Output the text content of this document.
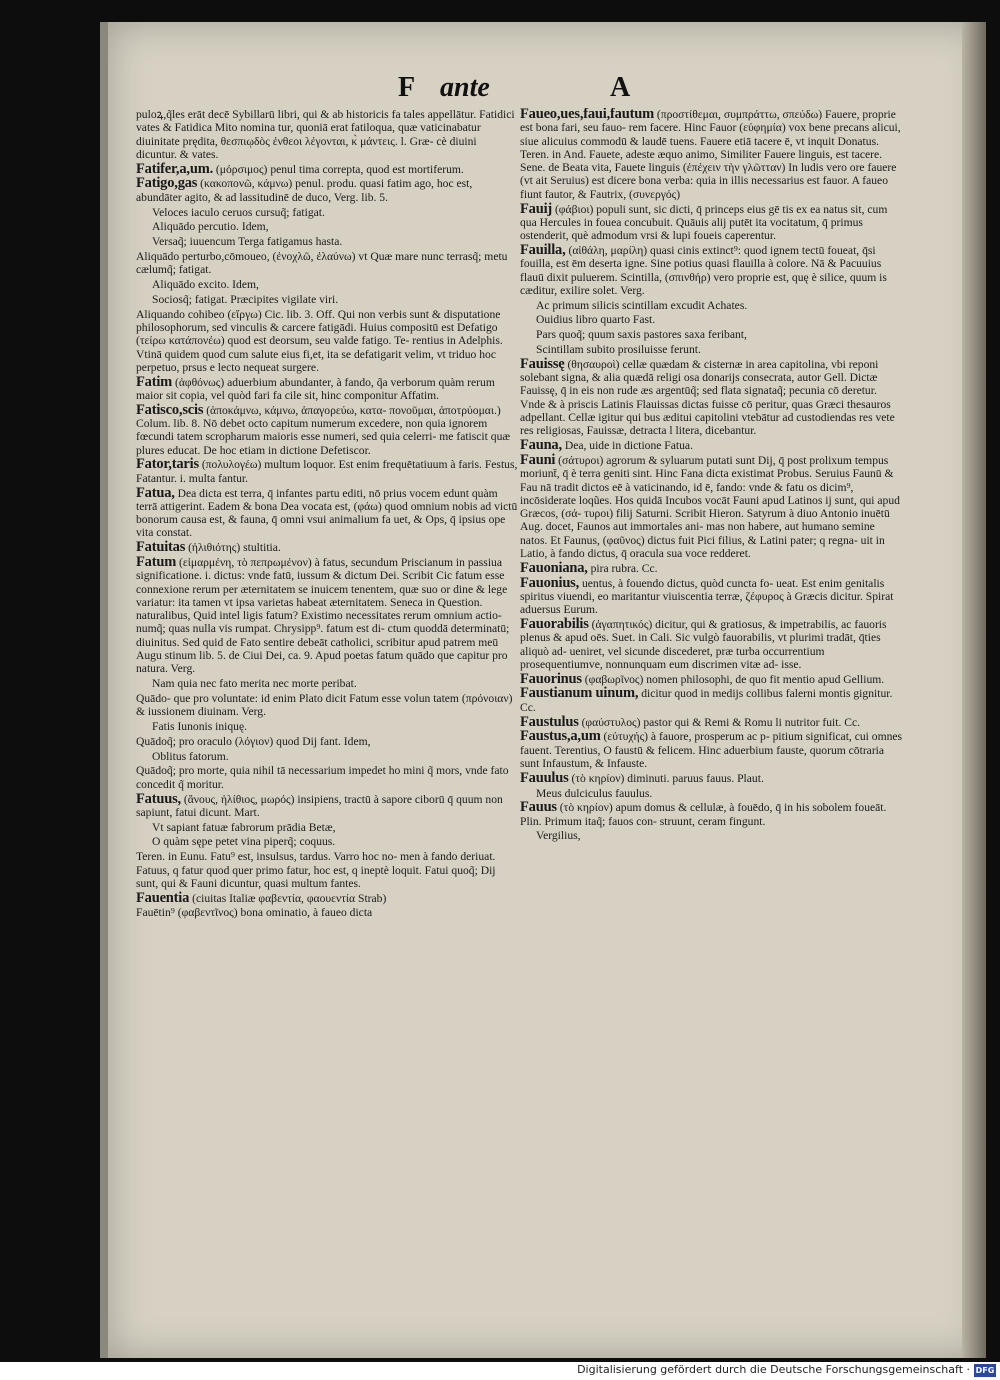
F ante	A

puloꝝ,q̃les erāt decē Sybillarū libri, qui & ab historicis fa tales appellātur. Fatidici vates & Fatidica Mito nomina tur, quoniā erat fatiloqua, quæ vaticinabatur diuinitate prędita, θεσπιῳδὸς ἐνθεοι λέγονται, κ̀ μάντεις. l. Græ- cè diuini dicuntur. & vates.

Fatifer,a,um. (μόρσιμος) penul tima correpta, quod est mortiferum.

Fatigo,gas (κακοπονῶ, κάμνω) penul. produ. quasi fatim ago, hoc est, abundāter agito, & ad lassitudinē de duco, Verg. lib. 5.

Veloces iaculo ceruos cursuq̃; fatigat.

Aliquādo percutio. Idem,

Versaq̃; iuuencum Terga fatigamus hasta.

Aliquādo perturbo,cōmoueo, (ἐνοχλῶ, ἐλαύνω) vt Quæ mare nunc terrasq̃; metu cælumq̃; fatigat.

Aliquādo excito. Idem,

Sociosq̃; fatigat. Præcipites vigilate viri.

Aliquando cohibeo (εἴργω) Cic. lib. 3. Off. Qui non verbis sunt & disputatione philosophorum, sed vinculis & carcere fatigādi. Huius compositū est Defatigo (τείρω κατάπονέω) quod est deorsum, seu valde fatigo. Te- rentius in Adelphis. Vtinā quidem quod cum salute eius fi,et, ita se defatigarit velim, vt triduo hoc perpetuo, prsus e lecto nequeat surgere.

Fatim (ἀφθόνως) aduerbium abundanter, à fando, q̃a verborum quàm rerum maior sit copia, vel quòd fari fa cile sit, hinc componitur Affatim.

Fatisco,scis (ἀποκάμνω, κάμνω, ἀπαγορεύω, κατα- πονοῦμαι, ἀποτρύομαι.) Colum. lib. 8. Nō debet octo capitum numerum excedere, non quia ignorem fœcundi tatem scropharum maioris esse numeri, sed quia celerri- me fatiscit quæ plures educat. De hoc etiam in dictione Defetiscor.

Fator,taris (πολυλογέω) multum loquor. Est enim frequētatiuum à faris. Festus, Fatantur. i. multa fantur.

Fatua, Dea dicta est terra, q̄ infantes partu editi, nō prius vocem edunt quàm terrā attigerint. Eadem & bona Dea vocata est, (φάω) quod omnium nobis ad victū bonorum causa est, & fauna, q̄ omni vsui animalium fa uet, & Ops, q̄ ipsius ope vita constat.

Fatuitas (ἠλιθιότης) stultitia.

Fatum (εἱμαρμένη, τὸ πεπρωμένον) à fatus, secundum Priscianum in passiua significatione. i. dictus: vnde fatū, iussum & dictum Dei. Scribit Cic fatum esse connexione rerum per æternitatem se inuicem tenentem, quæ suo or dine & lege variatur: ita tamen vt ipsa varietas habeat æternitatem. Seneca in Question. naturalibus, Quid intel ligis fatum? Existimo necessitates rerum omnium actio- numq̃; quas nulla vis rumpat. Chrysipp⁹. fatum est di- ctum quoddā determinatū; diuinitus. Sed quid de Fato sentire debeāt catholici, scribitur apud patrem meū Augu stinum lib. 5. de Ciui Dei, ca. 9. Apud poetas fatum quādo que capitur pro natura. Verg.

Nam quia nec fato merita nec morte peribat.

Quādo- que pro voluntate: id enim Plato dicit Fatum esse volun tatem (πρόνοιαν) & iussionem diuinam. Verg.

Fatis Iunonis iniquę.

Quādoq̃; pro oraculo (λόγιον) quod Dij fant. Idem,

Oblitus fatorum.

Quādoq̃; pro morte, quia nihil tā necessarium impedet ho mini q̃ mors, vnde fato concedit q̃ moritur.

Fatuus, (ἄνους, ἠλίθιος, μωρός) insipiens, tractū à sapore ciborū q̄ quum non sapiunt, fatui dicunt. Mart.

Vt sapiant fatuæ fabrorum prādia Betæ,

O quàm sępe petet vina piperq̃; coquus.

Teren. in Eunu. Fatu⁹ est, insulsus, tardus. Varro hoc no- men à fando deriuat. Fatuus, q fatur quod quer primo fatur, hoc est, q ineptè loquit. Fatui quoq̃; Dij sunt, qui & Fauni dicuntur, quasi multum fantes.

Fauentia (ciuitas Italiæ φαβεντία, φαουεντία Strab)

Fauētin⁹ (φαβεντῖνος) bona ominatio, à faueo dicta

Faueo,ues,faui,fautum (προστίθεμαι, συμπράττω, σπεύδω) Fauere, proprie est bona fari, seu fauo- rem facere. Hinc Fauor (εὐφημία) vox bene precans alicui, siue alicuius commodū & laudē tuens. Fauere etiā tacere ē, vt inquit Donatus. Teren. in And. Fauete, adeste æquo animo, Similiter Fauere linguis, est tacere. Sene. de Beata vita, Fauete linguis (ἐπέχειν τὴν γλῶτταν) In ludis vero ore fauere (vt ait Seruius) est dicere bona verba: quia in illis necessarius est fauor. A faueo fiunt fautor, & Fautrix, (συνεργός)

Fauij (φάβιοι) populi sunt, sic dicti, q̄ princeps eius gē tis ex ea natus sit, cum qua Hercules in fouea concubuit. Quāuis alij putēt ita vocitatum, q̄ primus ostenderit, què admodum vrsi & lupi foueis caperentur.

Fauilla, (αἰθάλη, μαρίλη) quasi cinis extinct⁹: quod ignem tectū foueat, q̄si fouilla, est ēm deserta igne. Sine potius quasi flauilla à colore. Nā & Pacuuius flauū dixit puluerem. Scintilla, (σπινθήρ) vero proprie est, quę è silice, quum is cæditur, exilire solet. Verg.

Ac primum silicis scintillam excudit Achates.

Ouidius libro quarto Fast.

Pars quoq̃; quum saxis pastores saxa feribant,

Scintillam subito prosiluisse ferunt.

Fauissę (θησαυροὶ) cellæ quædam & cisternæ in area capitolina, vbi reponi solebant signa, & alia quædā religi osa donarijs consecrata, autor Gell. Dictæ Fauissę, q̄ in eis non rude æs argentūq̃; sed flata signataq̃; pecunia cō deretur. Vnde & à priscis Latinis Flauissas dictas fuisse cō peritur, quas Græci thesauros adpellant. Cellæ igitur qui bus æditui capitolini vtebātur ad custodiendas res vete res religiosas, Fauissæ, detracta l litera, dicebantur.

Fauna, Dea, uide in dictione Fatua.

Fauni (σάτυροι) agrorum & syluarum putati sunt Dij, q̄ post prolixum tempus moriunt̄, q̄ è terra geniti sint. Hinc Fana dicta existimat Probus. Seruius Faunū & Fau nā tradit dictos eē à vaticinando, id ē, fando: vnde & fatu os dicim⁹, incōsiderate loqũes. Hos quidā Incubos vocāt Fauni apud Latinos ij sunt, qui apud Græcos, (σά- τυροι) filij Saturni. Scribit Hieron. Satyrum à diuo Antonio inuētū Aug. docet, Faunos aut immortales ani- mas non habere, aut humano semine natos. Et Faunus, (φαῦνος) dictus fuit Pici filius, & Latini pater; q regna- uit in Latio, à fando dictus, q̄ oracula sua voce redderet.

Fauoniana, pira rubra. Cc.

Fauonius, uentus, à fouendo dictus, quòd cuncta fo- ueat. Est enim genitalis spiritus viuendi, eo maritantur viuiscentia terræ, ζέφυρος à Græcis dicitur. Spirat aduersus Eurum.

Fauorabilis (ἀγαπητικός) dicitur, qui & gratiosus, & impetrabilis, ac fauoris plenus & apud oēs. Suet. in Cali. Sic vulgò fauorabilis, vt plurimi tradāt, q̄ties aliquò ad- ueniret, vel sicunde discederet, præ turba occurrentium prosequentiumve, nonnunquam eum discrimen vitæ ad- isse.

Fauorinus (φαβωρῖνος) nomen philosophi, de quo fit mentio apud Gellium.

Faustianum uinum, dicitur quod in medijs collibus falerni montis gignitur. Cc.

Faustulus (φαύστυλος) pastor qui & Remi & Romu li nutritor fuit. Cc.

Faustus,a,um (εὐτυχής) à fauore, prosperum ac p- pitium significat, cui omnes fauent. Terentius, O faustū & felicem. Hinc aduerbium fauste, quorum cōtraria sunt Infaustum, & Infauste.

Fauulus (τὸ κηρίον) diminuti. paruus fauus. Plaut.

Meus dulciculus fauulus.

Fauus (τὸ κηρίον) apum domus & cellulæ, à fouēdo, q̄ in his sobolem foueāt. Plin. Primum itaq̃; fauos con- struunt, ceram fingunt.

Vergilius,

Digitalisierung gefördert durch die Deutsche Forschungsgemeinschaft · DFG
